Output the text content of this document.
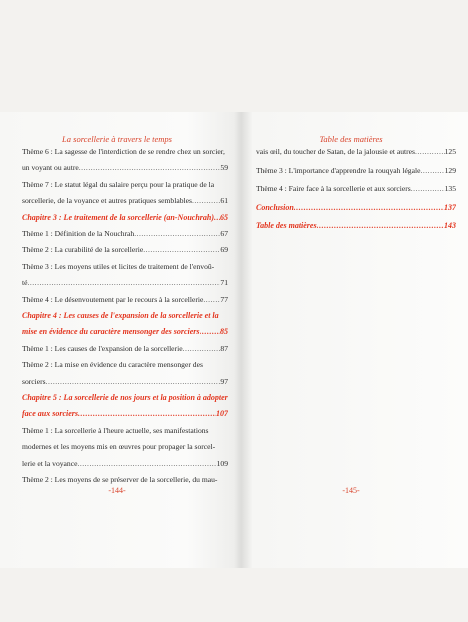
La sorcellerie à travers le temps
Thème 6 : La sagesse de l'interdiction de se rendre chez un sorcier,
un voyant ou autre .....	59
Thème 7 : Le statut légal du salaire perçu pour la pratique de la
sorcellerie, de la voyance et autres pratiques semblables .....	61
Chapitre 3 : Le traitement de la sorcellerie (an-Nouchrah) ..... 65
Thème 1 : Définition de la Nouchrah .....	67
Thème 2 : La curabilité de la sorcellerie .....	69
Thème 3 : Les moyens utiles et licites de traitement de l'envoû-
té .....	71
Thème 4 : Le désenvoutement par le recours à la sorcellerie ..... 77
Chapitre 4 : Les causes de l'expansion de la sorcellerie et la
mise en évidence du caractère mensonger des sorciers .....	85
Thème 1 : Les causes de l'expansion de la sorcellerie .....	87
Thème 2 : La mise en évidence du caractère mensonger des
sorciers .....	97
Chapitre 5 : La sorcellerie de nos jours et la position à adopter
face aux sorciers .....	107
Thème 1 : La sorcellerie à l'heure actuelle, ses manifestations
modernes et les moyens mis en œuvres pour propager la sorcel-
lerie et la voyance .....	109
Thème 2 : Les moyens de se préserver de la sorcellerie, du mau-
-144-
Table des matières
vais œil, du toucher de Satan, de la jalousie et autres .....	125
Thème 3 : L'importance d'apprendre la rouqyah légale .....	129
Thème 4 : Faire face à la sorcellerie et aux sorciers .....	135
Conclusion .....	137
Table des matières .....	143
-145-
